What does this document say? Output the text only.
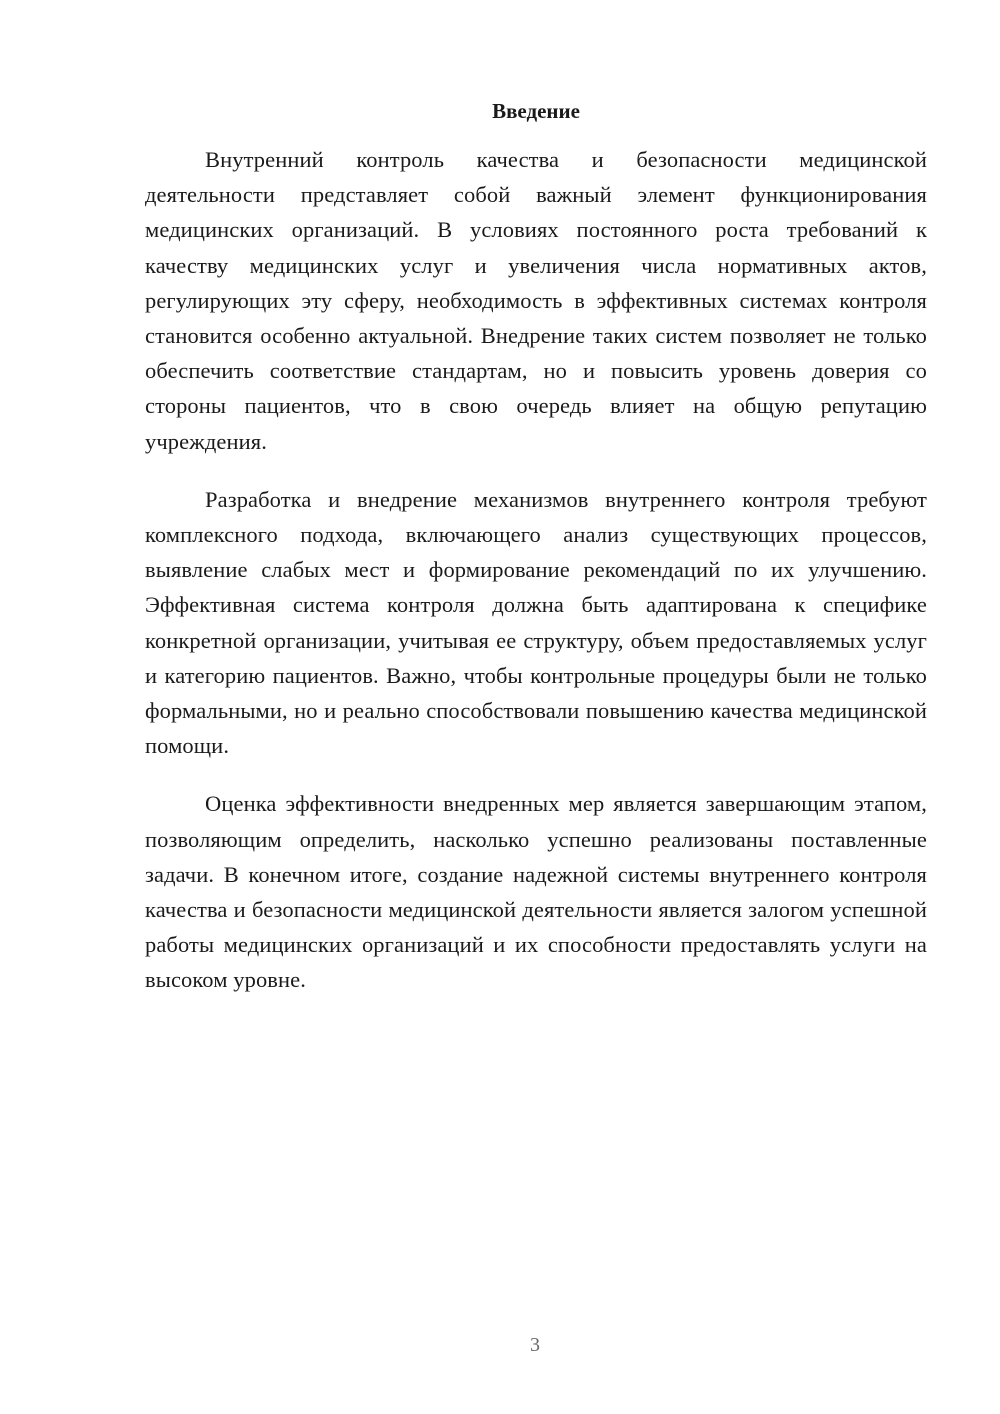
Введение

Внутренний контроль качества и безопасности медицинской деятельности представляет собой важный элемент функционирования медицинских организаций. В условиях постоянного роста требований к качеству медицинских услуг и увеличения числа нормативных актов, регулирующих эту сферу, необходимость в эффективных системах контроля становится особенно актуальной. Внедрение таких систем позволяет не только обеспечить соответствие стандартам, но и повысить уровень доверия со стороны пациентов, что в свою очередь влияет на общую репутацию учреждения.

Разработка и внедрение механизмов внутреннего контроля требуют комплексного подхода, включающего анализ существующих процессов, выявление слабых мест и формирование рекомендаций по их улучшению. Эффективная система контроля должна быть адаптирована к специфике конкретной организации, учитывая ее структуру, объем предоставляемых услуг и категорию пациентов. Важно, чтобы контрольные процедуры были не только формальными, но и реально способствовали повышению качества медицинской помощи.

Оценка эффективности внедренных мер является завершающим этапом, позволяющим определить, насколько успешно реализованы поставленные задачи. В конечном итоге, создание надежной системы внутреннего контроля качества и безопасности медицинской деятельности является залогом успешной работы медицинских организаций и их способности предоставлять услуги на высоком уровне.

3
